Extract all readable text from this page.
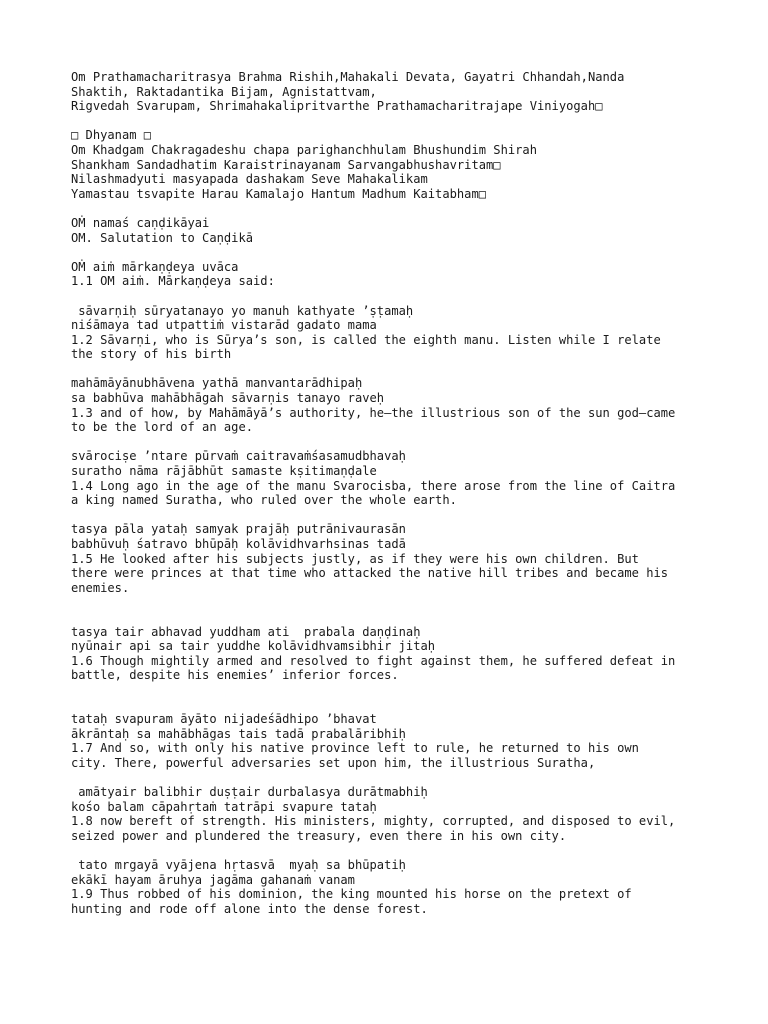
Om Prathamacharitrasya Brahma Rishih,Mahakali Devata, Gayatri Chhandah,Nanda
Shaktih, Raktadantika Bijam, Agnistattvam,
Rigvedah Svarupam, Shrimahakalipritvarthe Prathamacharitrajape Viniyogah□
□ Dhyanam □
Om Khadgam Chakragadeshu chapa parighanchhulam Bhushundim Shirah
Shankham Sandadhatim Karaistrinayanam Sarvangabhushavritam□
Nilashmadyuti masyapada dashakam Seve Mahakalikam
Yamastau tsvapite Harau Kamalajo Hantum Madhum Kaitabham□
OṀ namaś caṇḍikāyai
OM. Salutation to Caṇḍikā
OṀ aiṁ mārkaṇḍeya uvāca
1.1 OM aiṁ. Mārkaṇḍeya said:
sāvarṇiḥ sūryatanayo yo manuh kathyate ’ṣṭamaḥ
niśāmaya tad utpattiṁ vistarād gadato mama
1.2 Sāvarṇi, who is Sūrya’s son, is called the eighth manu. Listen while I relate
the story of his birth
mahāmāyānubhāvena yathā manvantarādhipaḥ
sa babhūva mahābhāgah sāvarṇis tanayo raveḥ
1.3 and of how, by Mahāmāyā’s authority, he—the illustrious son of the sun god—came
to be the lord of an age.
svārociṣe ’ntare pūrvaṁ caitravaṁśasamudbhavaḥ
suratho nāma rājābhūt samaste kṣitimaṇḍale
1.4 Long ago in the age of the manu Svarocisba, there arose from the line of Caitra
a king named Suratha, who ruled over the whole earth.
tasya pāla yataḥ samyak prajāḥ putrānivaurasān
babhūvuḥ śatravo bhūpāḥ kolāvidhvarhsinas tadā
1.5 He looked after his subjects justly, as if they were his own children. But
there were princes at that time who attacked the native hill tribes and became his
enemies.
tasya tair abhavad yuddham ati  prabala daṇḍinaḥ
nyūnair api sa tair yuddhe kolāvidhvamsibhir jitaḥ
1.6 Though mightily armed and resolved to fight against them, he suffered defeat in
battle, despite his enemies’ inferior forces.
tataḥ svapuram āyāto nijadeśādhipo ’bhavat
ākrāntaḥ sa mahābhāgas tais tadā prabalāribhiḥ
1.7 And so, with only his native province left to rule, he returned to his own
city. There, powerful adversaries set upon him, the illustrious Suratha,
amātyair balibhir duṣṭair durbalasya durātmabhiḥ
kośo balam cāpahṛtaṁ tatrāpi svapure tataḥ
1.8 now bereft of strength. His ministers, mighty, corrupted, and disposed to evil,
seized power and plundered the treasury, even there in his own city.
tato mrgayā vyājena hṛtasvā  myaḥ sa bhūpatiḥ
ekākī hayam āruhya jagāma gahanaṁ vanam
1.9 Thus robbed of his dominion, the king mounted his horse on the pretext of
hunting and rode off alone into the dense forest.
